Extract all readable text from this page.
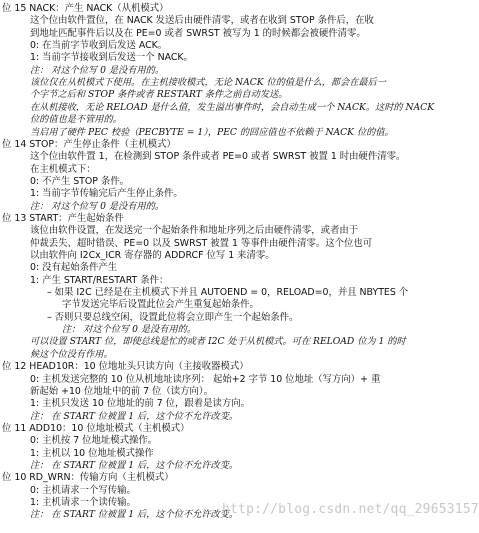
位 15 NACK：产生 NACK（从机模式）
这个位由软件置位，在 NACK 发送后由硬件清零，或者在收到 STOP 条件后，在收
到地址匹配事件后以及在 PE=0 或者 SWRST 被写为 1 的时候都会被硬件清零。
0: 在当前字节收到后发送 ACK。
1: 当前字节接收到后发送一个 NACK。
注： 对这个位写 0 是没有用的。
该位仅在从机模式下使用。在主机接收模式，无论 NACK 位的值是什么，都会在最后一
个字节之后和 STOP 条件或者 RESTART 条件之前自动发送。
在从机接收，无论 RELOAD 是什么值，发生溢出事件时，会自动生成一个 NACK。这时的 NACK
位的值也是不管用的。
当启用了硬件 PEC 校验（PECBYTE = 1），PEC 的回应值也不依赖于 NACK 位的值。
位 14 STOP：产生停止条件（主机模式）
这个位由软件置 1，在检测到 STOP 条件或者 PE=0 或者 SWRST 被置 1 时由硬件清零。
在主机模式下：
0: 不产生 STOP 条件。
1: 当前字节传输完后产生停止条件。
注： 对这个位写 0 是没有用的。
位 13 START：产生起始条件
该位由软件设置，在发送完一个起始条件和地址序列之后由硬件清零，或者由于
仲裁丢失、超时错误、PE=0 以及 SWRST 被置 1 等事件由硬件清零。这个位也可
以由软件向 I2Cx_ICR 寄存器的 ADDRCF 位写 1 来清零。
0: 没有起始条件产生
1: 产生 START/RESTART 条件：
– 如果 I2C 已经是在主机模式下并且 AUTOEND = 0，RELOAD=0，并且 NBYTES 个
字节发送完毕后设置此位会产生重复起始条件。
– 否则只要总线空闲，设置此位将会立即产生一个起始条件。
注： 对这个位写 0 是没有用的。
可以设置 START 位，即使总线是忙的或者 I2C 处于从机模式。可在 RELOAD 位为 1 的时
候这个位没有作用。
位 12 HEAD10R：10 位地址头只读方向（主接收器模式）
0: 主机发送完整的 10 位从机地址读序列： 起始+2 字节 10 位地址（写方向）+ 重
新起始 +10 位地址中的前 7 位（读方向）。
1: 主机只发送 10 位地址的前 7 位，跟着是读方向。
注： 在 START 位被置 1 后，这个位不允许改变。
位 11 ADD10：10 位地址模式（主机模式）
0: 主机按 7 位地址模式操作。
1: 主机以 10 位地址模式操作
注： 在 START 位被置 1 后，这个位不允许改变。
位 10 RD_WRN：传输方向（主机模式）
0: 主机请求一个写传输。
1: 主机请求一个读传输。
注： 在 START 位被置 1 后，这个位不允许改变。
http://blog.csdn.net/qq_29653157
